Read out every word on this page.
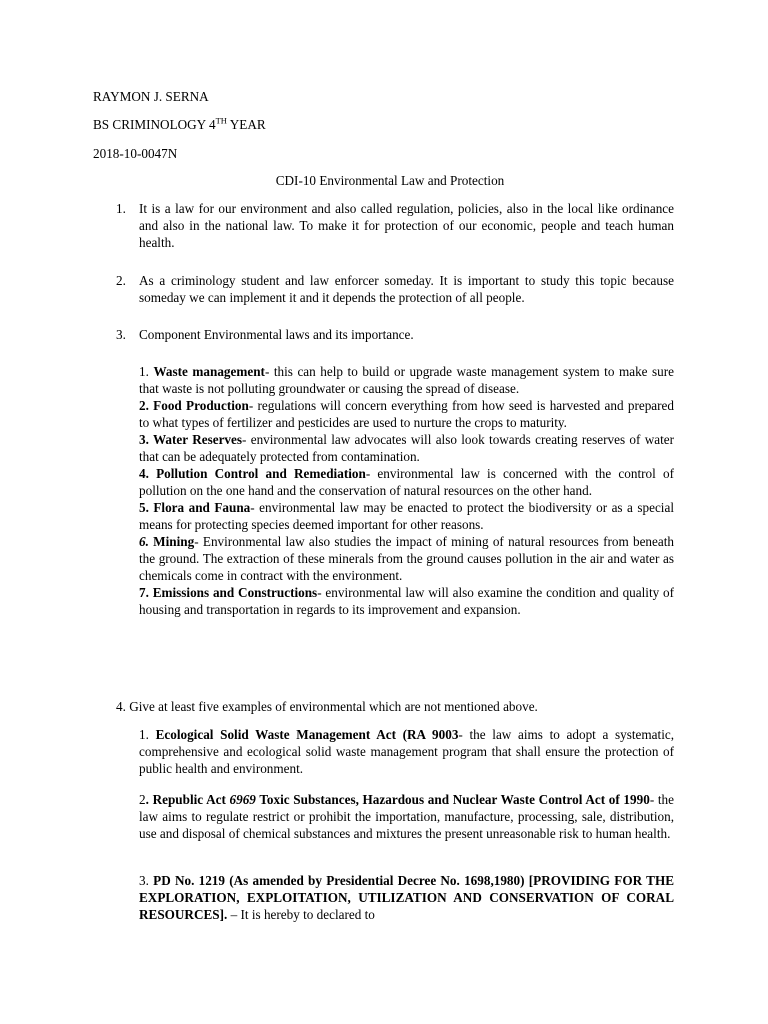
RAYMON J. SERNA
BS CRIMINOLOGY 4TH YEAR
2018-10-0047N
CDI-10 Environmental Law and Protection
1. It is a law for our environment and also called regulation, policies, also in the local like ordinance and also in the national law. To make it for protection of our economic, people and teach human health.
2. As a criminology student and law enforcer someday. It is important to study this topic because someday we can implement it and it depends the protection of all people.
3. Component Environmental laws and its importance.
1. Waste management- this can help to build or upgrade waste management system to make sure that waste is not polluting groundwater or causing the spread of disease.
2. Food Production- regulations will concern everything from how seed is harvested and prepared to what types of fertilizer and pesticides are used to nurture the crops to maturity.
3. Water Reserves- environmental law advocates will also look towards creating reserves of water that can be adequately protected from contamination.
4. Pollution Control and Remediation- environmental law is concerned with the control of pollution on the one hand and the conservation of natural resources on the other hand.
5. Flora and Fauna- environmental law may be enacted to protect the biodiversity or as a special means for protecting species deemed important for other reasons.
6. Mining- Environmental law also studies the impact of mining of natural resources from beneath the ground. The extraction of these minerals from the ground causes pollution in the air and water as chemicals come in contract with the environment.
7. Emissions and Constructions- environmental law will also examine the condition and quality of housing and transportation in regards to its improvement and expansion.
4. Give at least five examples of environmental which are not mentioned above.
1. Ecological Solid Waste Management Act (RA 9003- the law aims to adopt a systematic, comprehensive and ecological solid waste management program that shall ensure the protection of public health and environment.
2. Republic Act 6969 Toxic Substances, Hazardous and Nuclear Waste Control Act of 1990- the law aims to regulate restrict or prohibit the importation, manufacture, processing, sale, distribution, use and disposal of chemical substances and mixtures the present unreasonable risk to human health.
3. PD No. 1219 (As amended by Presidential Decree No. 1698,1980) [PROVIDING FOR THE EXPLORATION, EXPLOITATION, UTILIZATION AND CONSERVATION OF CORAL RESOURCES]. – It is hereby to declared to
